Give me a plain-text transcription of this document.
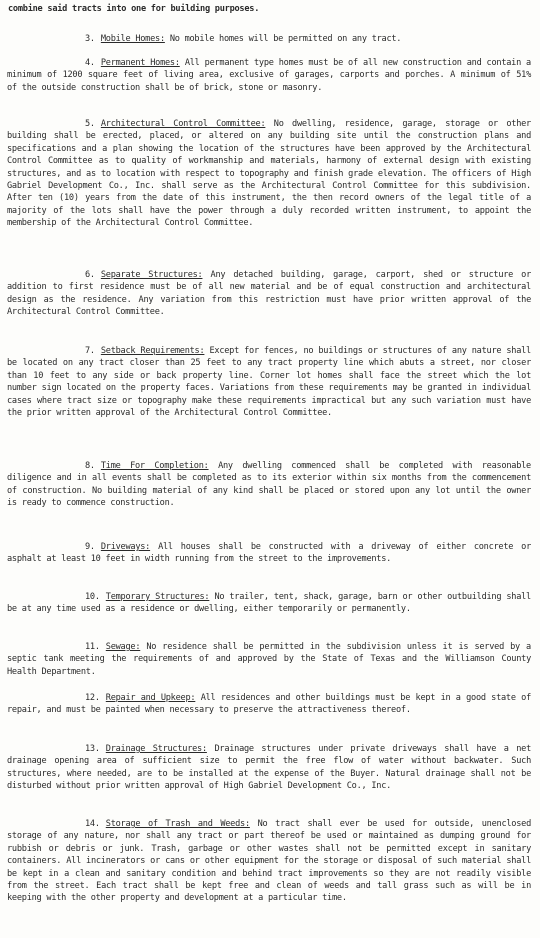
combine said tracts into one for building purposes.

3. Mobile Homes: No mobile homes will be permitted on any tract.

4. Permanent Homes: All permanent type homes must be of all new construction and contain a minimum of 1200 square feet of living area, exclusive of garages, carports and porches. A minimum of 51% of the outside construction shall be of brick, stone or masonry.

5. Architectural Control Committee: No dwelling, residence, garage, storage or other building shall be erected, placed, or altered on any building site until the construction plans and specifications and a plan showing the location of the structures have been approved by the Architectural Control Committee as to quality of workmanship and materials, harmony of external design with existing structures, and as to location with respect to topography and finish grade elevation. The officers of High Gabriel Development Co., Inc. shall serve as the Architectural Control Committee for this subdivision. After ten (10) years from the date of this instrument, the then record owners of the legal title of a majority of the lots shall have the power through a duly recorded written instrument, to appoint the membership of the Architectural Control Committee.

6. Separate Structures: Any detached building, garage, carport, shed or structure or addition to first residence must be of all new material and be of equal construction and architectural design as the residence. Any variation from this restriction must have prior written approval of the Architectural Control Committee.

7. Setback Requirements: Except for fences, no buildings or structures of any nature shall be located on any tract closer than 25 feet to any tract property line which abuts a street, nor closer than 10 feet to any side or back property line. Corner lot homes shall face the street which the lot number sign located on the property faces. Variations from these requirements may be granted in individual cases where tract size or topography make these requirements impractical but any such variation must have the prior written approval of the Architectural Control Committee.

8. Time For Completion: Any dwelling commenced shall be completed with reasonable diligence and in all events shall be completed as to its exterior within six months from the commencement of construction. No building material of any kind shall be placed or stored upon any lot until the owner is ready to commence construction.

9. Driveways: All houses shall be constructed with a driveway of either concrete or asphalt at least 10 feet in width running from the street to the improvements.

10. Temporary Structures: No trailer, tent, shack, garage, barn or other outbuilding shall be at any time used as a residence or dwelling, either temporarily or permanently.

11. Sewage: No residence shall be permitted in the subdivision unless it is served by a septic tank meeting the requirements of and approved by the State of Texas and the Williamson County Health Department.

12. Repair and Upkeep: All residences and other buildings must be kept in a good state of repair, and must be painted when necessary to preserve the attractiveness thereof.

13. Drainage Structures: Drainage structures under private driveways shall have a net drainage opening area of sufficient size to permit the free flow of water without backwater. Such structures, where needed, are to be installed at the expense of the Buyer. Natural drainage shall not be disturbed without prior written approval of High Gabriel Development Co., Inc.

14. Storage of Trash and Weeds: No tract shall ever be used for outside, unenclosed storage of any nature, nor shall any tract or part thereof be used or maintained as dumping ground for rubbish or debris or junk. Trash, garbage or other wastes shall not be permitted except in sanitary containers. All incinerators or cans or other equipment for the storage or disposal of such material shall be kept in a clean and sanitary condition and behind tract improvements so they are not readily visible from the street. Each tract shall be kept free and clean of weeds and tall grass such as will be in keeping with the other property and development at a particular time.
